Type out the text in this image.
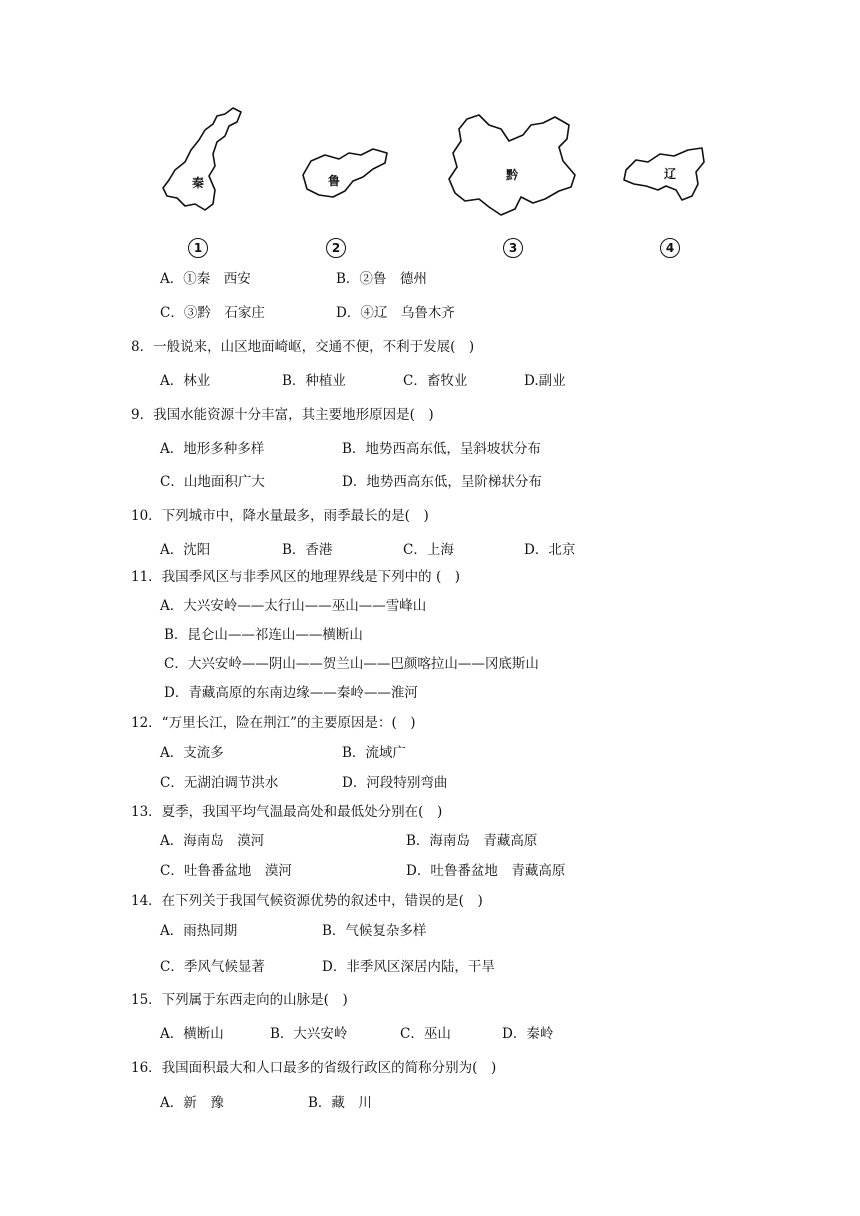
秦	鲁	黔	辽
1	2	3	4
A．①秦　西安	B．②鲁　德州
C．③黔　石家庄	D．④辽　乌鲁木齐
8．一般说来，山区地面崎岖，交通不便，不利于发展(　)
A．林业	B．种植业	C．畜牧业	D.副业
9．我国水能资源十分丰富，其主要地形原因是(　)
A．地形多种多样	B．地势西高东低，呈斜坡状分布
C．山地面积广大	D．地势西高东低，呈阶梯状分布
10．下列城市中，降水量最多，雨季最长的是(　)
A．沈阳	B．香港	C．上海	D．北京
11．我国季风区与非季风区的地理界线是下列中的 (　)
A．大兴安岭——太行山——巫山——雪峰山
B．昆仑山——祁连山——横断山
C．大兴安岭——阴山——贺兰山——巴颜喀拉山——冈底斯山
D．青藏高原的东南边缘——秦岭——淮河
12．“万里长江，险在荆江”的主要原因是：(　)
A．支流多	B．流域广
C．无湖泊调节洪水	D．河段特别弯曲
13．夏季，我国平均气温最高处和最低处分别在(　)
A．海南岛　漠河	B．海南岛　青藏高原
C．吐鲁番盆地　漠河	D．吐鲁番盆地　青藏高原
14．在下列关于我国气候资源优势的叙述中，错误的是(　)
A．雨热同期	B．气候复杂多样
C．季风气候显著	D．非季风区深居内陆，干旱
15．下列属于东西走向的山脉是(　)
A．横断山	B．大兴安岭	C．巫山	D．秦岭
16．我国面积最大和人口最多的省级行政区的简称分别为(　)
A．新　豫	B．藏　川
